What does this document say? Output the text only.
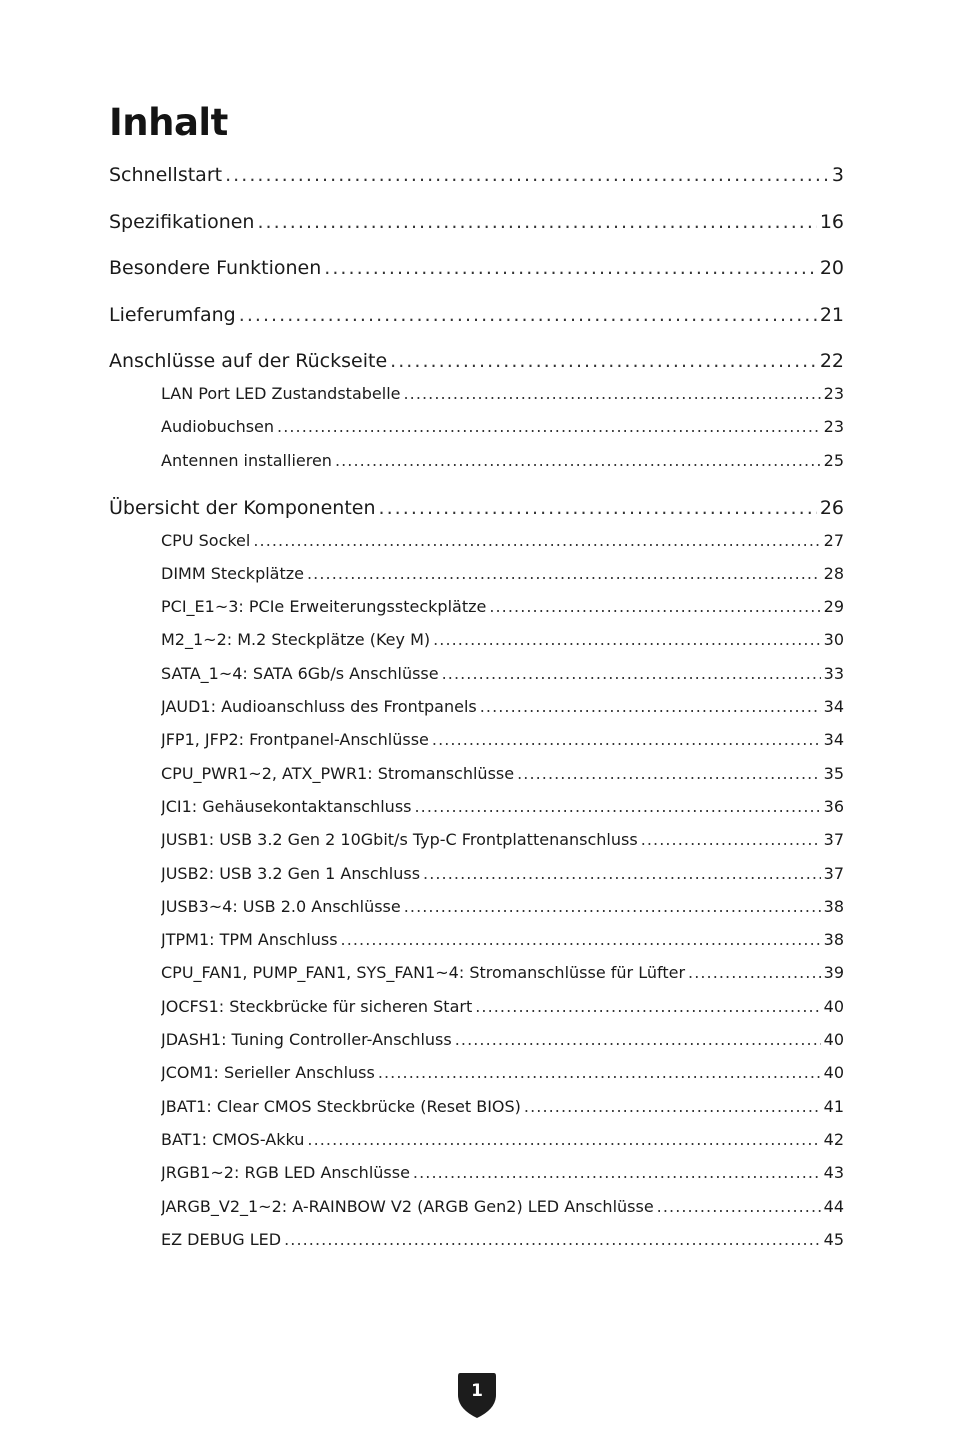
Inhalt
Schnellstart . . .	3
Spezifikationen . . .	16
Besondere Funktionen . . .	20
Lieferumfang . . .	21
Anschlüsse auf der Rückseite . . .	22
LAN Port LED Zustandstabelle . . .	23
Audiobuchsen . . .	23
Antennen installieren . . .	25
Übersicht der Komponenten . . .	26
CPU Sockel . . .	27
DIMM Steckplätze . . .	28
PCI_E1~3: PCIe Erweiterungssteckplätze . . .	29
M2_1~2: M.2 Steckplätze (Key M) . . .	30
SATA_1~4: SATA 6Gb/s Anschlüsse . . .	33
JAUD1: Audioanschluss des Frontpanels . . .	34
JFP1, JFP2: Frontpanel-Anschlüsse . . .	34
CPU_PWR1~2, ATX_PWR1: Stromanschlüsse . . .	35
JCI1: Gehäusekontaktanschluss . . .	36
JUSB1: USB 3.2 Gen 2 10Gbit/s Typ-C Frontplattenanschluss . . .	37
JUSB2: USB 3.2 Gen 1 Anschluss . . .	37
JUSB3~4: USB 2.0 Anschlüsse . . .	38
JTPM1: TPM Anschluss . . .	38
CPU_FAN1, PUMP_FAN1, SYS_FAN1~4: Stromanschlüsse für Lüfter . . .	39
JOCFS1: Steckbrücke für sicheren Start . . .	40
JDASH1: Tuning Controller-Anschluss . . .	40
JCOM1: Serieller Anschluss . . .	40
JBAT1: Clear CMOS Steckbrücke (Reset BIOS) . . .	41
BAT1: CMOS-Akku . . .	42
JRGB1~2: RGB LED Anschlüsse . . .	43
JARGB_V2_1~2: A-RAINBOW V2 (ARGB Gen2) LED Anschlüsse . . .	44
EZ DEBUG LED . . .	45
1
